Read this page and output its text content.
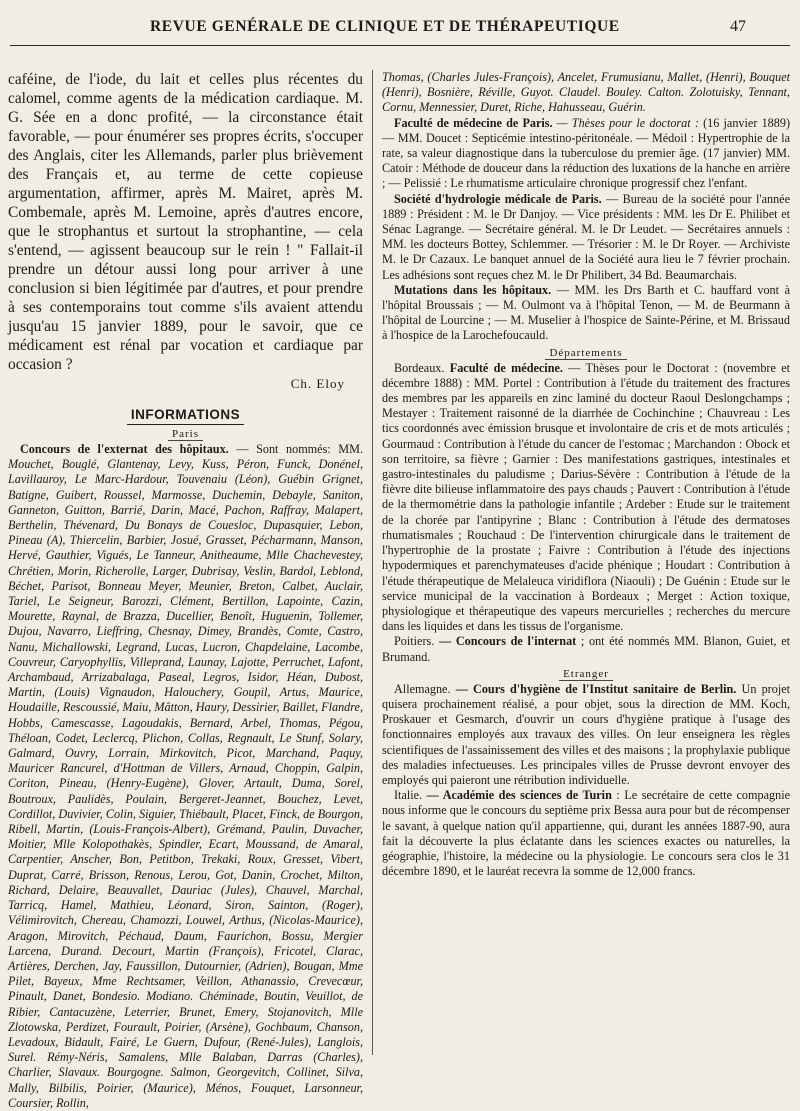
REVUE GENÉRALE DE CLINIQUE ET DE THÉRAPEUTIQUE	47

caféine, de l'iode, du lait et celles plus récentes du calomel, comme agents de la médication cardiaque. M. G. Sée en a donc profité, — la circonstance était favorable, — pour énumérer ses propres écrits, s'occuper des Anglais, citer les Allemands, parler plus brièvement des Français et, au terme de cette copieuse argumentation, affirmer, après M. Mairet, après M. Combemale, après M. Lemoine, après d'autres encore, que le strophantus et surtout la strophantine, — cela s'entend, — agissent beaucoup sur le rein ! " Fallait-il prendre un détour aussi long pour arriver à une conclusion si bien légitimée par d'autres, et pour prendre à ses contemporains tout comme s'ils avaient attendu jusqu'au 15 janvier 1889, pour le savoir, que ce médicament est rénal par vocation et cardiaque par occasion ?

Ch. Eloy

INFORMATIONS
Paris

Concours de l'externat des hôpitaux. — Sont nommés: MM. Mouchet, Bouglé, Glantenay, Levy, Kuss, Péron, Funck, Donénel, Lavillauroy, Le Marc-Hardour, Touvenaiu (Léon), Guébin Grignet, Batigne, Guibert, Roussel, Marmosse, Duchemin, Debayle, Saniton, Ganneton, Guitton, Barrié, Darin, Macé, Pachon, Raffray, Malapert, Berthelin, Thévenard, Du Bonays de Couesloc, Dupasquier, Lebon, Pineau (A), Thiercelin, Barbier, Josué, Grasset, Pécharmann, Manson, Hervé, Gauthier, Vigués, Le Tanneur, Anitheaume, Mlle Chachevestey, Chrétien, Morin, Richerolle, Larger, Dubrisay, Veslin, Bardol, Leblond, Béchet, Parisot, Bonneau Meyer, Meunier, Breton, Calbet, Auclair, Tariel, Le Seigneur, Barozzi, Clément, Bertillon, Lapointe, Cazin, Mourette, Raynal, de Brazza, Ducellier, Benoît, Huguenin, Tollemer, Dujou, Navarro, Lieffring, Chesnay, Dimey, Brandès, Comte, Castro, Nanu, Michallowski, Legrand, Lucas, Lucron, Chapdelaine, Lacombe, Couvreur, Caryophyllis, Villeprand, Launay, Lajotte, Perruchet, Lafont, Archambaud, Arrizabalaga, Paseal, Legros, Isidor, Héan, Dubost, Martin, (Louis) Vignaudon, Halouchery, Goupil, Artus, Maurice, Houdaille, Rescoussié, Maiu, Mâtton, Haury, Dessirier, Baillet, Flandre, Hobbs, Camescasse, Lagoudakis, Bernard, Arbel, Thomas, Pégou, Théloan, Codet, Leclercq, Plichon, Collas, Regnault, Le Stunf, Solary, Galmard, Ouvry, Lorrain, Mirkovitch, Picot, Marchand, Paquy, Mauricer Rancurel, d'Hottman de Villers, Arnaud, Choppin, Galpin, Coriton, Pineau, (Henry-Eugène), Glover, Artault, Duma, Sorel, Boutroux, Paulidès, Poulain, Bergeret-Jeannet, Bouchez, Levet, Cordillot, Duvivier, Colin, Siguier, Thiébault, Placet, Finck, de Bourgon, Ribell, Martin, (Louis-François-Albert), Grémand, Paulin, Duvacher, Moitier, Mlle Kolopothakès, Spindler, Ecart, Moussand, de Amaral, Carpentier, Anscher, Bon, Petitbon, Trekaki, Roux, Gresset, Vibert, Duprat, Carré, Brisson, Renous, Lerou, Got, Danin, Crochet, Milton, Richard, Delaire, Beauvallet, Dauriac (Jules), Chauvel, Marchal, Tarricq, Hamel, Mathieu, Léonard, Siron, Sainton, (Roger), Vélimirovitch, Chereau, Chamozzi, Louwel, Arthus, (Nicolas-Maurice), Aragon, Mirovitch, Péchaud, Daum, Faurichon, Bossu, Mergier Larcena, Durand. Decourt, Martin (François), Fricotel, Clarac, Artières, Derchen, Jay, Faussillon, Dutournier, (Adrien), Bougan, Mme Pilet, Bayeux, Mme Rechtsamer, Veillon, Athanassio, Crevecœur, Pinault, Danet, Bondesio. Modiano. Chéminade, Boutin, Veuillot, de Ribier, Cantacuzène, Leterrier, Brunet, Emery, Stojanovitch, Mlle Zlotowska, Perdizet, Fourault, Poirier, (Arsène), Gochbaum, Chanson, Levadoux, Bidault, Fairé, Le Guern, Dufour, (René-Jules), Langlois, Surel. Rémy-Néris, Samalens, Mlle Balaban, Darras (Charles), Charlier, Slavaux. Bourgogne. Salmon, Georgevitch, Collinet, Silva, Mally, Bilbilis, Poirier, (Maurice), Ménos, Fouquet, Larsonneur, Coursier, Rollin,

Thomas, (Charles Jules-François), Ancelet, Frumusianu, Mallet, (Henri), Bouquet (Henri), Bosnière, Réville, Guyot. Claudel. Bouley. Calton. Zolotuisky, Tennant, Cornu, Mennessier, Duret, Riche, Hahusseau, Guérin.

Faculté de médecine de Paris. — Thèses pour le doctorat : (16 janvier 1889) — MM. Doucet : Septicémie intestino-péritonéale. — Médoil : Hypertrophie de la rate, sa valeur diagnostique dans la tuberculose du premier âge. (17 janvier) MM. Catoir : Méthode de douceur dans la réduction des luxations de la hanche en arrière ; — Pelissié : Le rhumatisme articulaire chronique progressif chez l'enfant.

Société d'hydrologie médicale de Paris. — Bureau de la société pour l'année 1889 : Président : M. le Dr Danjoy. — Vice présidents : MM. les Dr E. Philibet et Sénac Lagrange. — Secrétaire général. M. le Dr Leudet. — Secrétaires annuels : MM. les docteurs Bottey, Schlemmer. — Trésorier : M. le Dr Royer. — Archiviste M. le Dr Cazaux. Le banquet annuel de la Société aura lieu le 7 février prochain. Les adhésions sont reçues chez M. le Dr Philibert, 34 Bd. Beaumarchais.

Mutations dans les hôpitaux. — MM. les Drs Barth et C. hauffard vont à l'hôpital Broussais ; — M. Oulmont va à l'hôpital Tenon, — M. de Beurmann à l'hôpital de Lourcine ; — M. Muselier à l'hospice de Sainte-Périne, et M. Brissaud à l'hospice de la Larochefoucauld.

Départements

Bordeaux. Faculté de médecine. — Thèses pour le Doctorat : (novembre et décembre 1888) : MM. Portel : Contribution à l'étude du traitement des fractures des membres par les appareils en zinc laminé du docteur Raoul Deslongchamps ; Mestayer : Traitement raisonné de la diarrhée de Cochinchine ; Chauvreau : Les tics coordonnés avec émission brusque et involontaire de cris et de mots articulés ; Gourmaud : Contribution à l'étude du cancer de l'estomac ; Marchandon : Obock et son territoire, sa fièvre ; Garnier : Des manifestations gastriques, intestinales et gastro-intestinales du paludisme ; Darius-Sévère : Contribution à l'étude de la fièvre dite bilieuse inflammatoire des pays chauds ; Pauvert : Contribution à l'étude de la thermométrie dans la pathologie infantile ; Ardeber : Etude sur le traitement de la chorée par l'antipyrine ; Blanc : Contribution à l'étude des dermatoses rhumatismales ; Rouchaud : De l'intervention chirurgicale dans le traitement de l'hypertrophie de la prostate ; Faivre : Contribution à l'étude des injections hypodermiques et parenchymateuses d'acide phénique ; Houdart : Contribution à l'étude thérapeutique de Melaleuca viridiflora (Niaouli) ; De Guénin : Etude sur le service municipal de la vaccination à Bordeaux ; Merget : Action toxique, physiologique et thérapeutique des vapeurs mercurielles ; recherches du mercure dans les liquides et dans les tissus de l'organisme.

Poitiers. — Concours de l'internat ; ont été nommés MM. Blanon, Guiet, et Brumand.

Etranger

Allemagne. — Cours d'hygiène de l'Institut sanitaire de Berlin. Un projet quisera prochainement réalisé, a pour objet, sous la direction de MM. Koch, Proskauer et Gesmarch, d'ouvrir un cours d'hygiène pratique à l'usage des fonctionnaires employés aux travaux des villes. On leur enseignera les règles scientifiques de l'assainissement des villes et des maisons ; la prophylaxie publique des maladies infectueuses. Les principales villes de Prusse devront envoyer des employés qui paieront une rétribution individuelle.

Italie. — Académie des sciences de Turin : Le secrétaire de cette compagnie nous informe que le concours du septième prix Bessa aura pour but de récompenser le savant, à quelque nation qu'il appartienne, qui, durant les années 1887-90, aura fait la découverte la plus éclatante dans les sciences exactes ou naturelles, la géographie, l'histoire, la médecine ou la physiologie. Le concours sera clos le 31 décembre 1890, et le lauréat recevra la somme de 12,000 francs.
